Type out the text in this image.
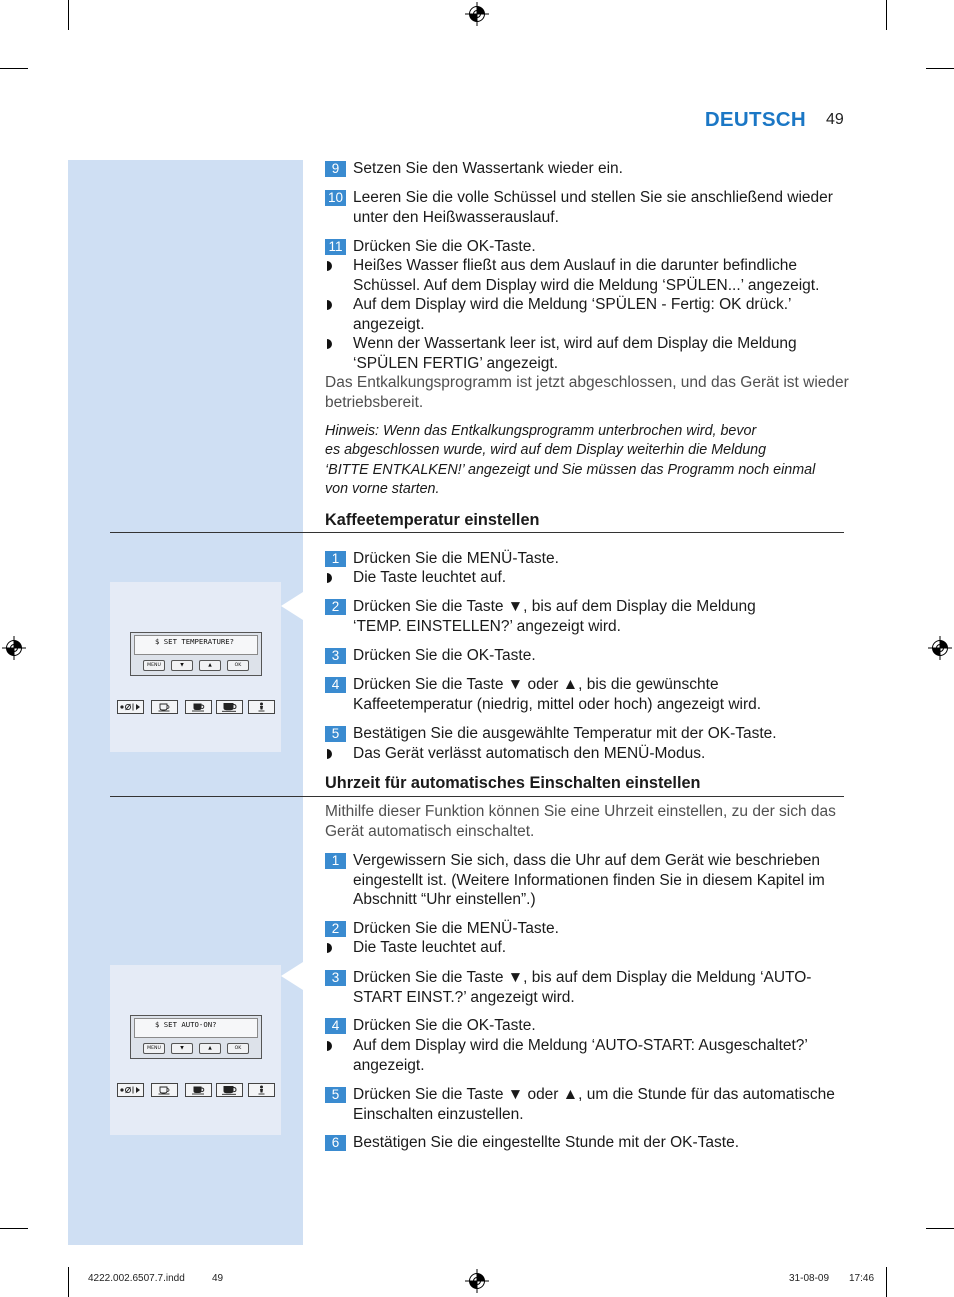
DEUTSCH 49
$ SET TEMPERATURE?
MENU	▼	▲	OK
$ SET AUTO-ON?
MENU	▼	▲	OK
9 Setzen Sie den Wassertank wieder ein.
10 Leeren Sie die volle Schüssel und stellen Sie sie anschließend wieder
unter den Heißwasserauslauf.
11 Drücken Sie die OK-Taste.
Heißes Wasser fließt aus dem Auslauf in die darunter befindliche
Schüssel. Auf dem Display wird die Meldung ‘SPÜLEN...’ angezeigt.
Auf dem Display wird die Meldung ‘SPÜLEN - Fertig: OK drück.’
angezeigt.
Wenn der Wassertank leer ist, wird auf dem Display die Meldung
‘SPÜLEN FERTIG’ angezeigt.
Das Entkalkungsprogramm ist jetzt abgeschlossen, und das Gerät ist wieder
betriebsbereit.
Hinweis: Wenn das Entkalkungsprogramm unterbrochen wird, bevor
es abgeschlossen wurde, wird auf dem Display weiterhin die Meldung
‘BITTE ENTKALKEN!’ angezeigt und Sie müssen das Programm noch einmal
von vorne starten.
Kaffeetemperatur einstellen
1 Drücken Sie die MENÜ-Taste.
Die Taste leuchtet auf.
2 Drücken Sie die Taste ▼, bis auf dem Display die Meldung
‘TEMP. EINSTELLEN?’ angezeigt wird.
3 Drücken Sie die OK-Taste.
4 Drücken Sie die Taste ▼ oder ▲, bis die gewünschte
Kaffeetemperatur (niedrig, mittel oder hoch) angezeigt wird.
5 Bestätigen Sie die ausgewählte Temperatur mit der OK-Taste.
Das Gerät verlässt automatisch den MENÜ-Modus.
Uhrzeit für automatisches Einschalten einstellen
Mithilfe dieser Funktion können Sie eine Uhrzeit einstellen, zu der sich das
Gerät automatisch einschaltet.
1 Vergewissern Sie sich, dass die Uhr auf dem Gerät wie beschrieben
eingestellt ist. (Weitere Informationen finden Sie in diesem Kapitel im
Abschnitt “Uhr einstellen”.)
2 Drücken Sie die MENÜ-Taste.
Die Taste leuchtet auf.
3 Drücken Sie die Taste ▼, bis auf dem Display die Meldung ‘AUTO-
START EINST.?’ angezeigt wird.
4 Drücken Sie die OK-Taste.
Auf dem Display wird die Meldung ‘AUTO-START: Ausgeschaltet?’
angezeigt.
5 Drücken Sie die Taste ▼ oder ▲, um die Stunde für das automatische
Einschalten einzustellen.
6 Bestätigen Sie die eingestellte Stunde mit der OK-Taste.
4222.002.6507.7.indd	49	31-08-09 17:46
